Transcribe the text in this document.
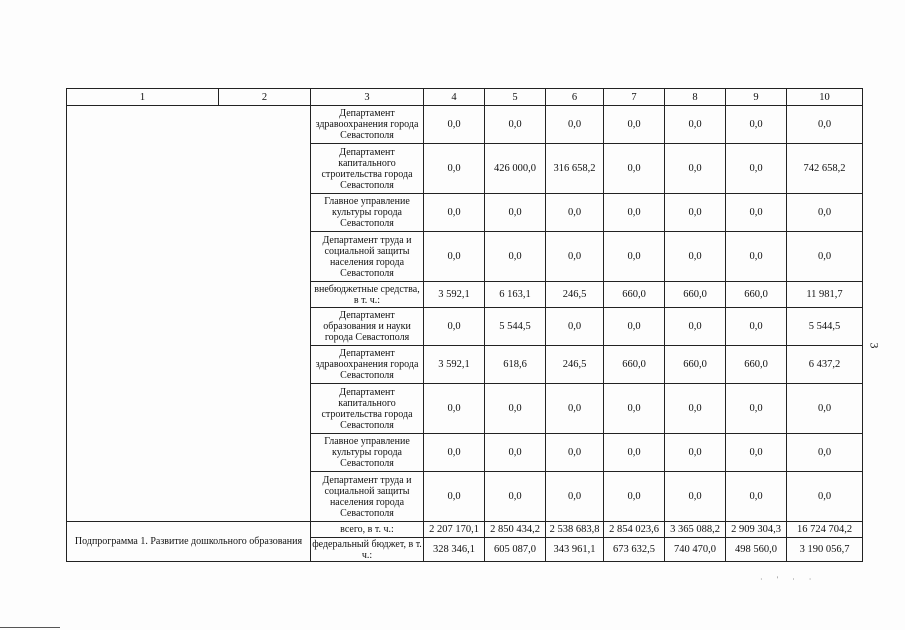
1	2	3	4	5	6	7	8	9	10
		Департамент здравоохранения города Севастополя	0,0	0,0	0,0	0,0	0,0	0,0	0,0
		Департамент капитального строительства города Севастополя	0,0	426 000,0	316 658,2	0,0	0,0	0,0	742 658,2
		Главное управление культуры города Севастополя	0,0	0,0	0,0	0,0	0,0	0,0	0,0
		Департамент труда и социальной защиты населения города Севастополя	0,0	0,0	0,0	0,0	0,0	0,0	0,0
		внебюджетные средства, в т. ч.:	3 592,1	6 163,1	246,5	660,0	660,0	660,0	11 981,7
		Департамент образования и науки города Севастополя	0,0	5 544,5	0,0	0,0	0,0	0,0	5 544,5
		Департамент здравоохранения города Севастополя	3 592,1	618,6	246,5	660,0	660,0	660,0	6 437,2
		Департамент капитального строительства города Севастополя	0,0	0,0	0,0	0,0	0,0	0,0	0,0
		Главное управление культуры города Севастополя	0,0	0,0	0,0	0,0	0,0	0,0	0,0
		Департамент труда и социальной защиты населения города Севастополя	0,0	0,0	0,0	0,0	0,0	0,0	0,0
Подпрограмма 1. Развитие дошкольного образования		всего, в т. ч.:	2 207 170,1	2 850 434,2	2 538 683,8	2 854 023,6	3 365 088,2	2 909 304,3	16 724 704,2
		федеральный бюджет, в т. ч.:	328 346,1	605 087,0	343 961,1	673 632,5	740 470,0	498 560,0	3 190 056,7
3
· ' · ·
